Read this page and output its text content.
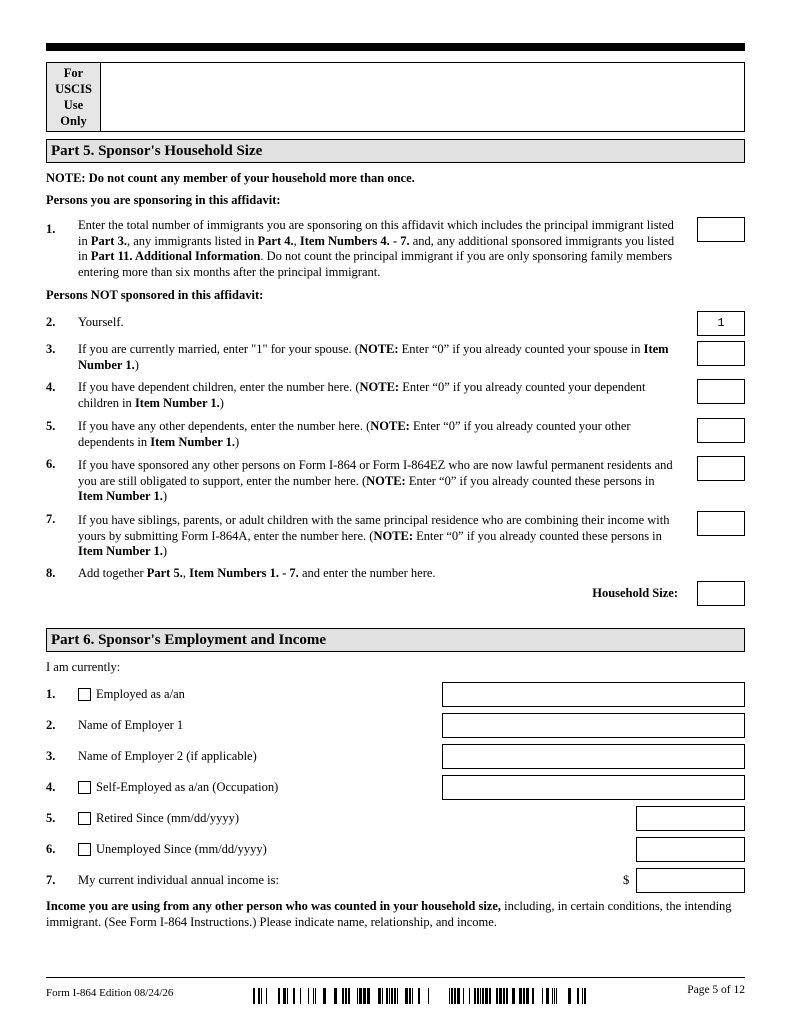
For
USCIS
Use
Only
Part 5. Sponsor's Household Size
NOTE: Do not count any member of your household more than once.
Persons you are sponsoring in this affidavit:
1. Enter the total number of immigrants you are sponsoring on this affidavit which includes the principal immigrant listed in Part 3., any immigrants listed in Part 4., Item Numbers 4. - 7. and, any additional sponsored immigrants you listed in Part 11. Additional Information. Do not count the principal immigrant if you are only sponsoring family members entering more than six months after the principal immigrant.
Persons NOT sponsored in this affidavit:
2. Yourself.	1
3. If you are currently married, enter "1" for your spouse. (NOTE: Enter “0” if you already counted your spouse in Item Number 1.)
4. If you have dependent children, enter the number here. (NOTE: Enter “0” if you already counted your dependent children in Item Number 1.)
5. If you have any other dependents, enter the number here. (NOTE: Enter “0” if you already counted your other dependents in Item Number 1.)
6. If you have sponsored any other persons on Form I-864 or Form I-864EZ who are now lawful permanent residents and you are still obligated to support, enter the number here. (NOTE: Enter “0” if you already counted these persons in Item Number 1.)
7. If you have siblings, parents, or adult children with the same principal residence who are combining their income with yours by submitting Form I-864A, enter the number here. (NOTE: Enter “0” if you already counted these persons in Item Number 1.)
8. Add together Part 5., Item Numbers 1. - 7. and enter the number here.
Household Size:
Part 6. Sponsor's Employment and Income
I am currently:
1.	Employed as a/an
2. Name of Employer 1
3. Name of Employer 2 (if applicable)
4.	Self-Employed as a/an (Occupation)
5.	Retired Since (mm/dd/yyyy)
6.	Unemployed Since (mm/dd/yyyy)
7. My current individual annual income is:	$
Income you are using from any other person who was counted in your household size, including, in certain conditions, the intending immigrant. (See Form I-864 Instructions.) Please indicate name, relationship, and income.
Form I-864 Edition 08/24/26	Page 5 of 12
